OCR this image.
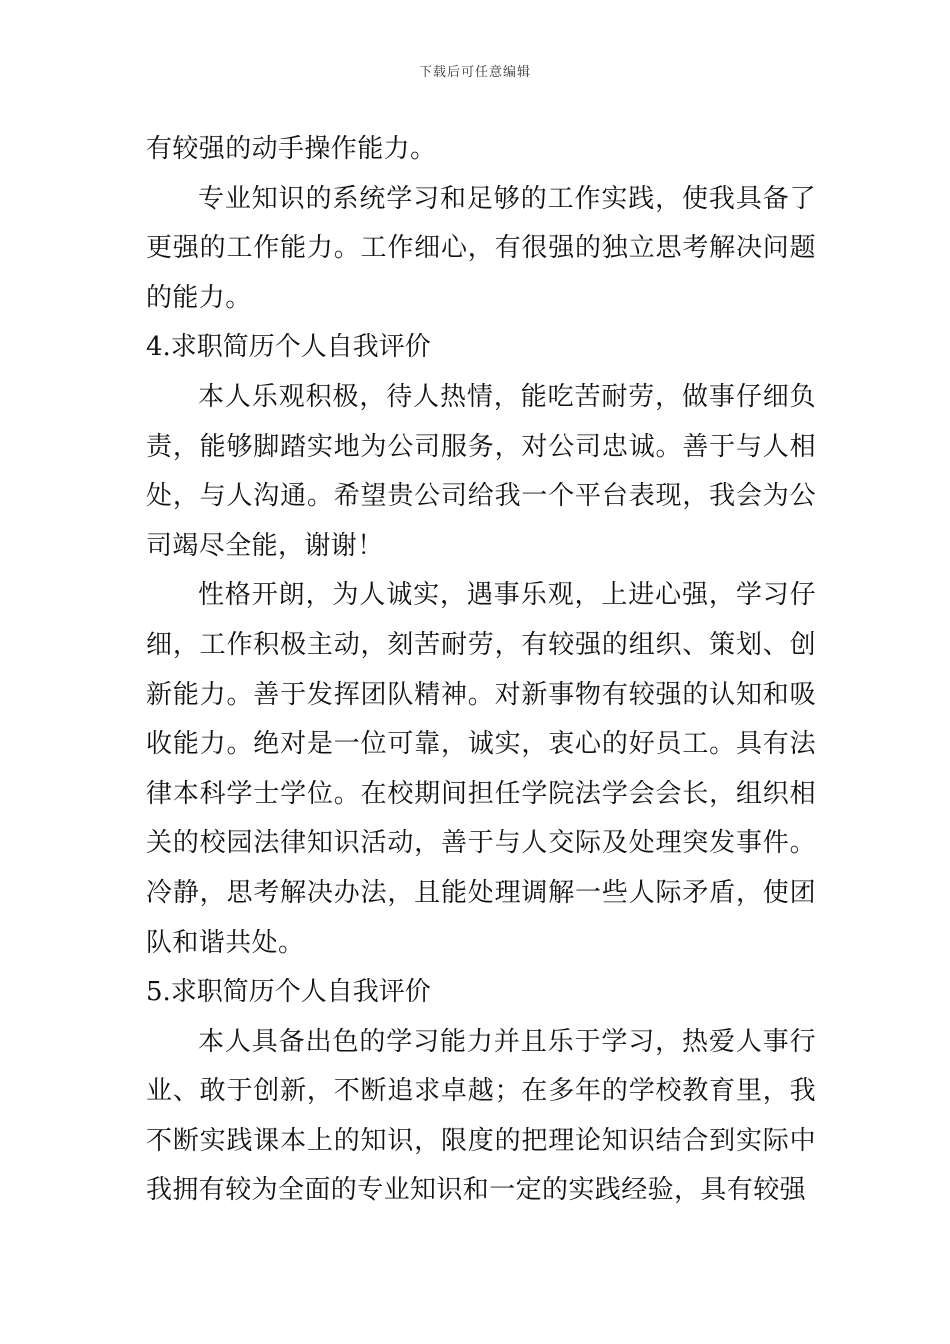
下载后可任意编辑

有较强的动手操作能力。

专业知识的系统学习和足够的工作实践，使我具备了更强的工作能力。工作细心，有很强的独立思考解决问题的能力。

4.求职简历个人自我评价

本人乐观积极，待人热情，能吃苦耐劳，做事仔细负责，能够脚踏实地为公司服务，对公司忠诚。善于与人相处，与人沟通。希望贵公司给我一个平台表现，我会为公司竭尽全能，谢谢！

性格开朗，为人诚实，遇事乐观，上进心强，学习仔细，工作积极主动，刻苦耐劳，有较强的组织、策划、创新能力。善于发挥团队精神。对新事物有较强的认知和吸收能力。绝对是一位可靠，诚实，衷心的好员工。具有法律本科学士学位。在校期间担任学院法学会会长，组织相关的校园法律知识活动，善于与人交际及处理突发事件。冷静，思考解决办法，且能处理调解一些人际矛盾，使团队和谐共处。

5.求职简历个人自我评价

本人具备出色的学习能力并且乐于学习，热爱人事行业、敢于创新，不断追求卓越；在多年的学校教育里，我不断实践课本上的知识，限度的把理论知识结合到实际中我拥有较为全面的专业知识和一定的实践经验，具有较强
